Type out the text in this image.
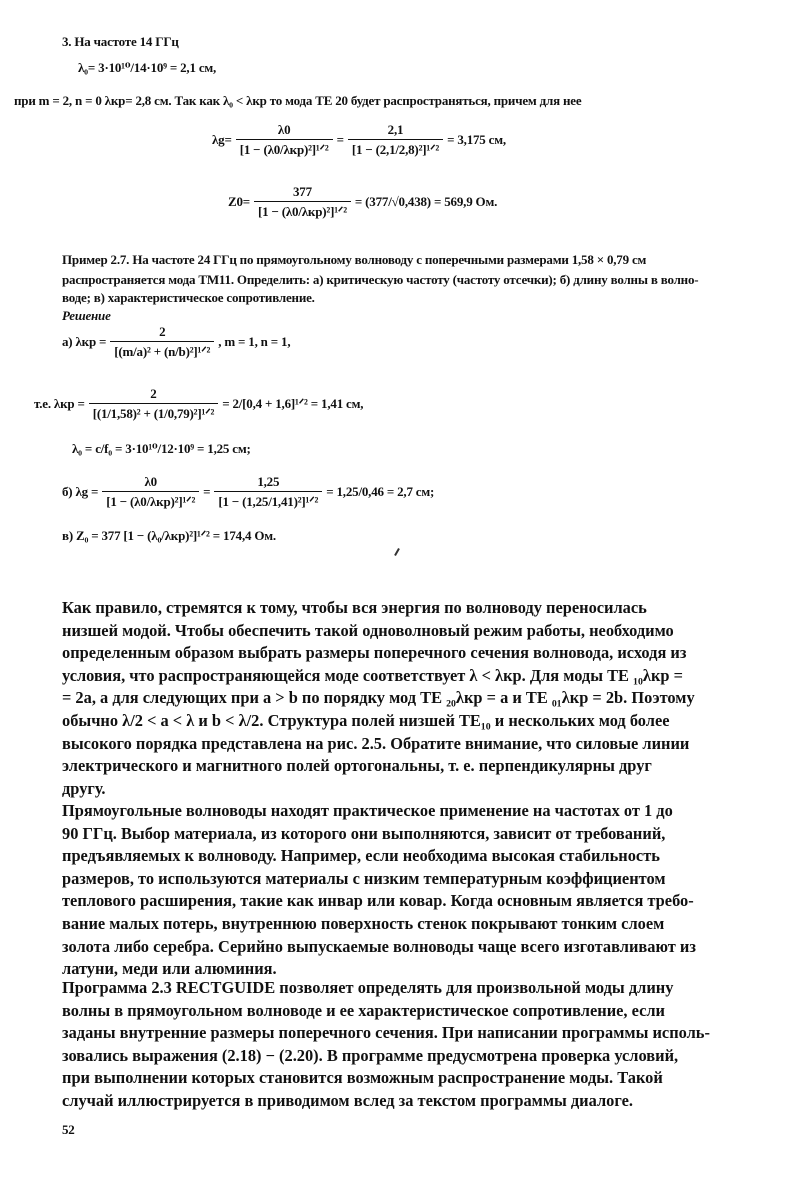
3. На частоте 14 ГГц
λ₀= 3·10¹⁰/14·10⁹ = 2,1 см,
при m = 2, n = 0 λкр= 2,8 см. Так как λ₀ < λкр то мода TE 20 будет распространяться, причем для нее
$\lambda g= \frac{\lambda 0}{\text{[1 − (λ0/λкр)²]¹ᐟ²}} = \frac{2,1}{\text{[1 − (2,1/2,8)²]¹ᐟ²}} = 3,175$ см,
$Z0= \frac{377}{\text{[1 − (λ0/λкр)²]¹ᐟ²}} = (377/√0,438) = 569,9$ Ом.
Пример 2.7. На частоте 24 ГГц по прямоугольному волноводу с поперечными размерами 1,58 × 0,79 см
распространяется мода TM11. Определить: а) критическую частоту (частоту отсечки); б) длину волны в волно-
воде; в) характеристическое сопротивление.
Решение
а) $\lambda кр = \frac{2}{\text{[(m/a)² + (n/b)²]¹ᐟ²}}$ , m = 1, n = 1,
т.е. $\lambda кр = \frac{2}{\text{[(1/1,58)² + (1/0,79)²]¹ᐟ²}} = 2/[0,4$ + 1,6]¹ᐟ² = 1,41 см,
λ₀ = c/f₀ = 3·10¹⁰/12·10⁹ = 1,25 см;
б) $\lambda g = \frac{\lambda 0}{\text{[1 − (λ0/λкр)²]¹ᐟ²}} = \frac{1,25}{\text{[1 − (1,25/1,41)²]¹ᐟ²}} = 1,25/0,46 = 2,7$ см;
в) Z₀ = 377 [1 − (λ₀/λкр)²]¹ᐟ² = 174,4 Ом.
Как правило, стремятся к тому, чтобы вся энергия по волноводу переносилась
низшей модой. Чтобы обеспечить такой одноволновый режим работы, необходимо
определенным образом выбрать размеры поперечного сечения волновода, исходя из
условия, что распространяющейся моде соответствует λ < λкр. Для моды TE ₁₀λкр =
= 2a, а для следующих при a > b по порядку мод TE ₂₀λкр = a и TE ₀₁λкр = 2b. Поэтому
обычно λ/2 < a < λ и b < λ/2. Структура полей низшей TE₁₀ и нескольких мод более
высокого порядка представлена на рис. 2.5. Обратите внимание, что силовые линии
электрического и магнитного полей ортогональны, т. е. перпендикулярны друг
другу.
Прямоугольные волноводы находят практическое применение на частотах от 1 до
90 ГГц. Выбор материала, из которого они выполняются, зависит от требований,
предъявляемых к волноводу. Например, если необходима высокая стабильность
размеров, то используются материалы с низким температурным коэффициентом
теплового расширения, такие как инвар или ковар. Когда основным является требо-
вание малых потерь, внутреннюю поверхность стенок покрывают тонким слоем
золота либо серебра. Серийно выпускаемые волноводы чаще всего изготавливают из
латуни, меди или алюминия.
Программа 2.3 RECTGUIDE позволяет определять для произвольной моды длину
волны в прямоугольном волноводе и ее характеристическое сопротивление, если
заданы внутренние размеры поперечного сечения. При написании программы исполь-
зовались выражения (2.18) − (2.20). В программе предусмотрена проверка условий,
при выполнении которых становится возможным распространение моды. Такой
случай иллюстрируется в приводимом вслед за текстом программы диалоге.
52
